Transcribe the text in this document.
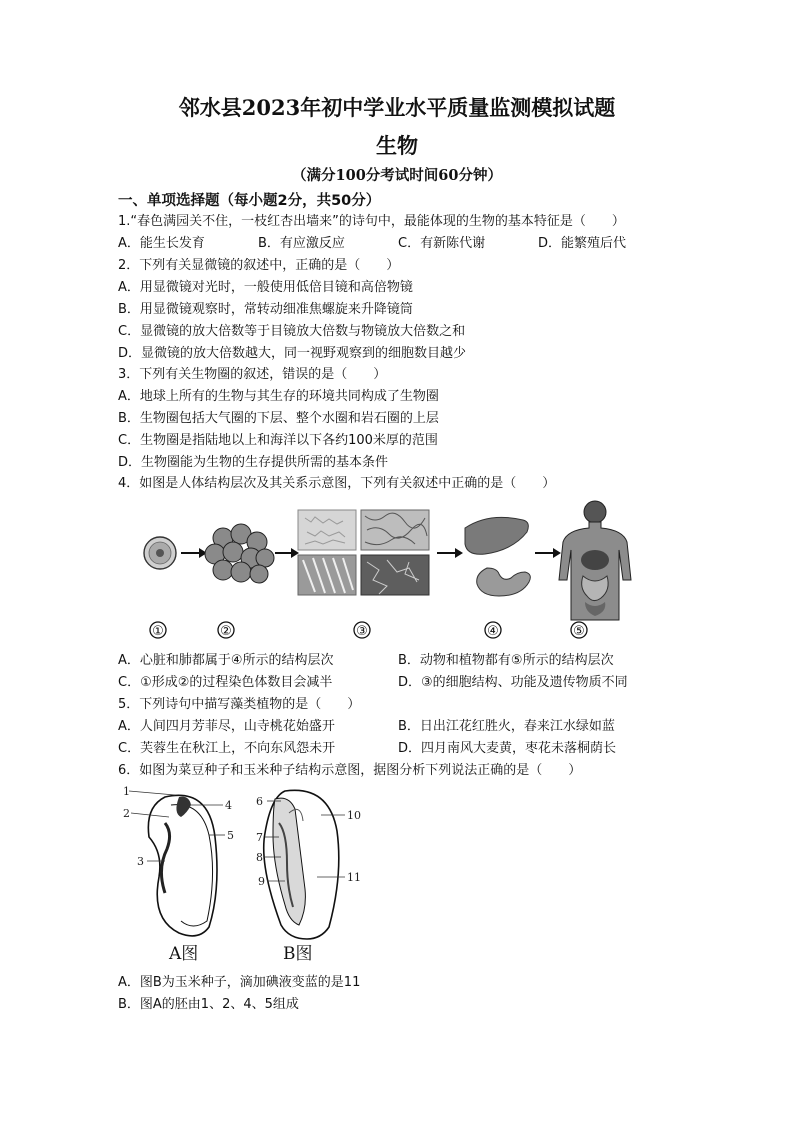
邻水县2023年初中学业水平质量监测模拟试题
生物
（满分100分考试时间60分钟）
一、单项选择题（每小题2分，共50分）
1.“春色满园关不住，一枝红杏出墙来”的诗句中，最能体现的生物的基本特征是（　　）
A．能生长发育	B．有应激反应	C．有新陈代谢	D．能繁殖后代
2．下列有关显微镜的叙述中，正确的是（　　）
A．用显微镜对光时，一般使用低倍目镜和高倍物镜
B．用显微镜观察时，常转动细准焦螺旋来升降镜筒
C．显微镜的放大倍数等于目镜放大倍数与物镜放大倍数之和
D．显微镜的放大倍数越大，同一视野观察到的细胞数目越少
3．下列有关生物圈的叙述，错误的是（　　）
A．地球上所有的生物与其生存的环境共同构成了生物圈
B．生物圈包括大气圈的下层、整个水圈和岩石圈的上层
C．生物圈是指陆地以上和海洋以下各约100米厚的范围
D．生物圈能为生物的生存提供所需的基本条件
4．如图是人体结构层次及其关系示意图，下列有关叙述中正确的是（　　）
①	②	③	④	⑤
A．心脏和肺都属于④所示的结构层次	B．动物和植物都有⑤所示的结构层次
C．①形成②的过程染色体数目会减半	D．③的细胞结构、功能及遗传物质不同
5．下列诗句中描写藻类植物的是（　　）
A．人间四月芳菲尽，山寺桃花始盛开	B．日出江花红胜火，春来江水绿如蓝
C．芙蓉生在秋江上，不向东风怨未开	D．四月南风大麦黄，枣花未落桐荫长
6．如图为菜豆种子和玉米种子结构示意图，据图分析下列说法正确的是（　　）
1
2
3
4
5
A图
6
7
8
9
10
11
B图
A．图B为玉米种子，滴加碘液变蓝的是11
B．图A的胚由1、2、4、5组成
